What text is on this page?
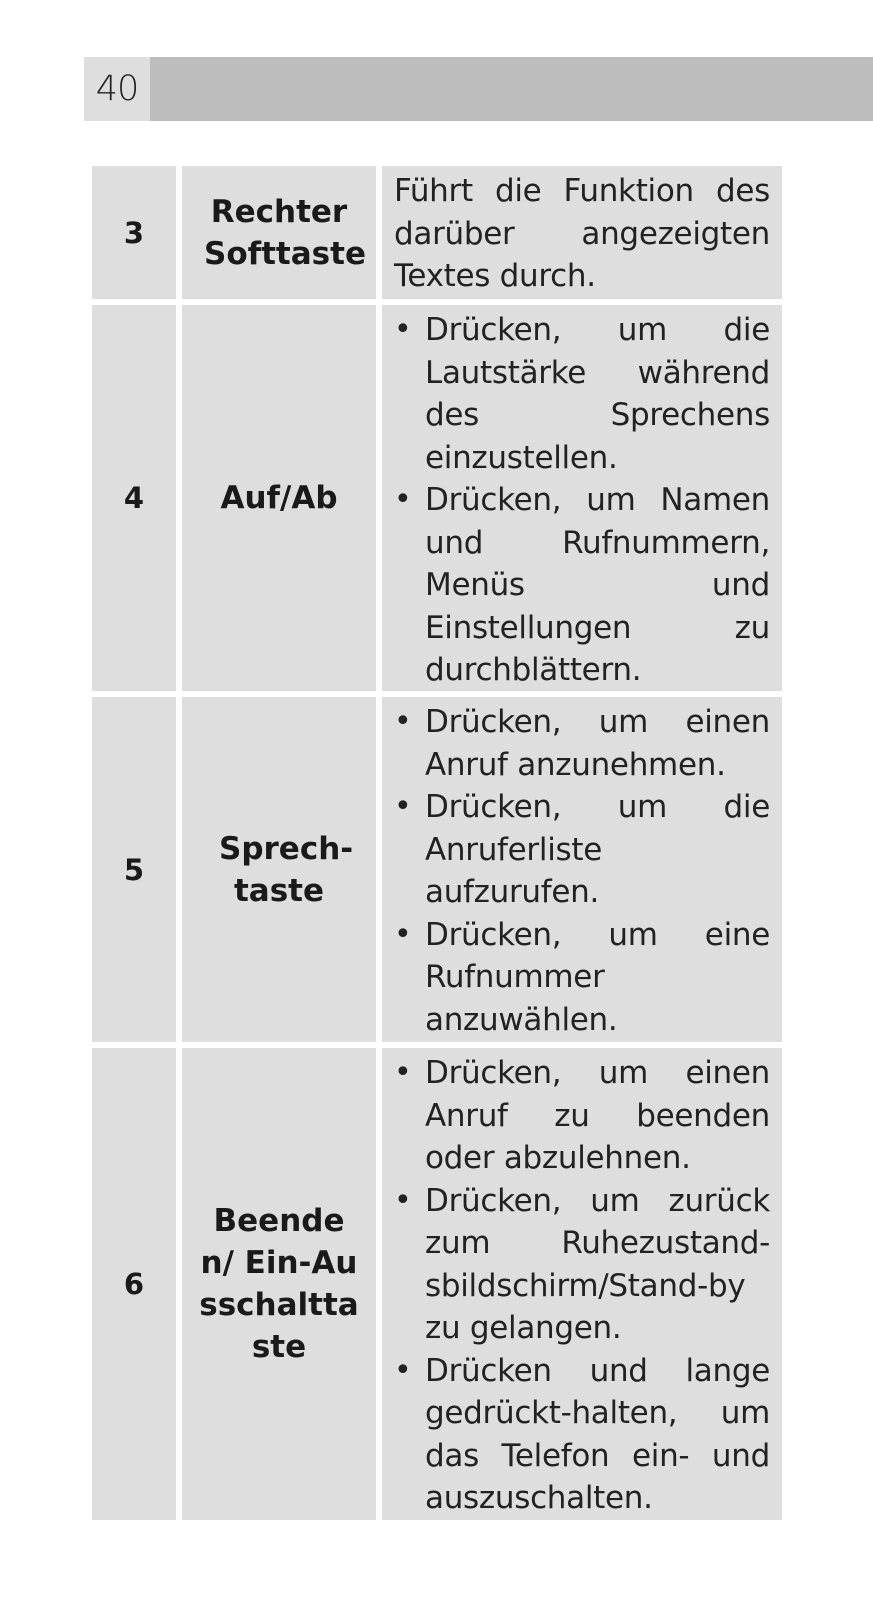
40
3
Rechter Softtaste
Führt die Funktion des darüber angezeigten Textes durch.
4	Auf/Ab
• Drücken, um die Lautstärke während des Sprechens einzustellen.
• Drücken, um Namen und Rufnummern, Menüs und Einstellungen zu durchblättern.
5
Sprech-taste
• Drücken, um einen Anruf anzunehmen.
• Drücken, um die Anruferliste aufzurufen.
• Drücken, um eine Rufnummer anzuwählen.
6
Beenden/ Ein-Ausschalttaste
• Drücken, um einen Anruf zu beenden oder abzulehnen.
• Drücken, um zurück zum Ruhezustand-sbildschirm/Stand-by zu gelangen.
• Drücken und lange gedrückt-halten, um das Telefon ein- und auszuschalten.
